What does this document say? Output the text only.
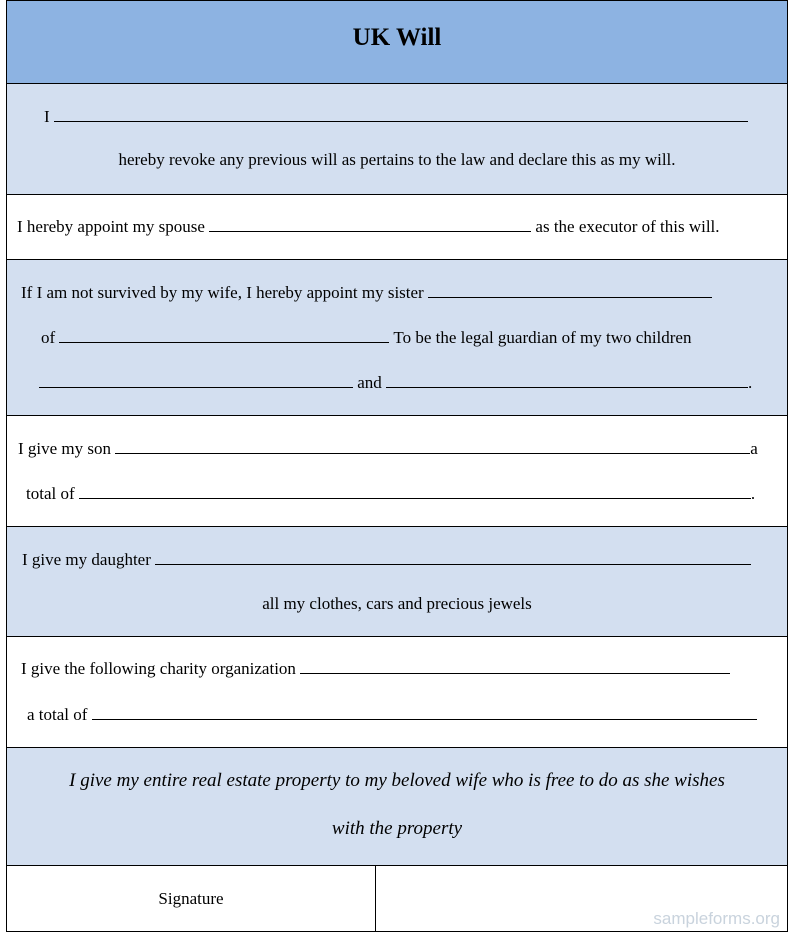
UK Will
I
hereby revoke any previous will as pertains to the law and declare this as my will.
I hereby appoint my spouse	as the executor of this will.
If I am not survived by my wife, I hereby appoint my sister
of	To be the legal guardian of my two children
and	.
I give my son	a
total of	.
I give my daughter
all my clothes, cars and precious jewels
I give the following charity organization
a total of
I give my entire real estate property to my beloved wife who is free to do as she wishes
with the property
Signature
sampleforms.org
